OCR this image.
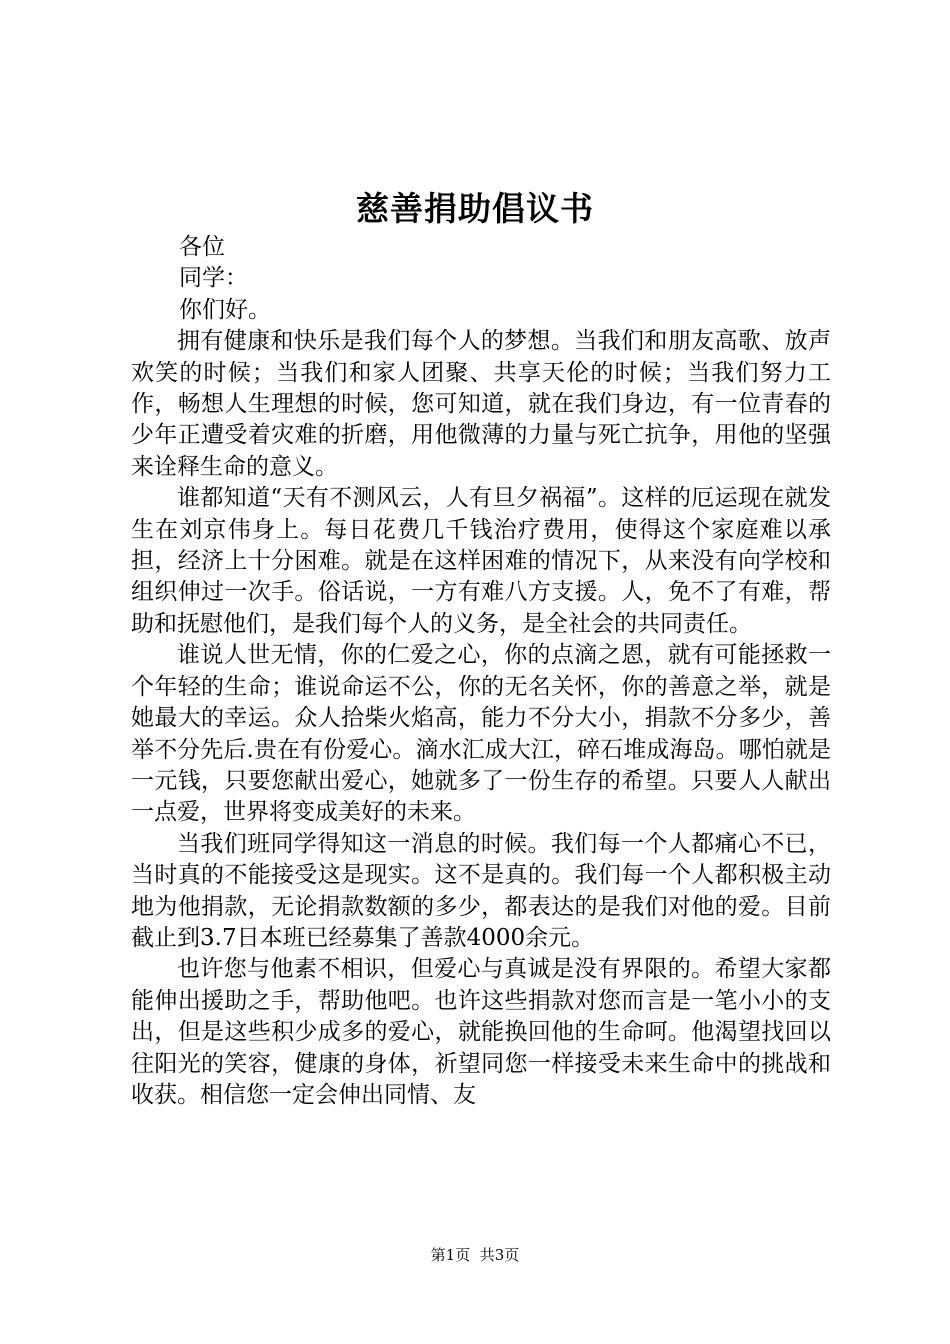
慈善捐助倡议书

各位

同学：

你们好。

拥有健康和快乐是我们每个人的梦想。当我们和朋友高歌、放声欢笑的时候；当我们和家人团聚、共享天伦的时候；当我们努力工作，畅想人生理想的时候，您可知道，就在我们身边，有一位青春的少年正遭受着灾难的折磨，用他微薄的力量与死亡抗争，用他的坚强来诠释生命的意义。

谁都知道“天有不测风云，人有旦夕祸福”。这样的厄运现在就发生在刘京伟身上。每日花费几千钱治疗费用，使得这个家庭难以承担，经济上十分困难。就是在这样困难的情况下，从来没有向学校和组织伸过一次手。俗话说，一方有难八方支援。人，免不了有难，帮助和抚慰他们，是我们每个人的义务，是全社会的共同责任。

谁说人世无情，你的仁爱之心，你的点滴之恩，就有可能拯救一个年轻的生命；谁说命运不公，你的无名关怀，你的善意之举，就是她最大的幸运。众人拾柴火焰高，能力不分大小，捐款不分多少，善举不分先后.贵在有份爱心。滴水汇成大江，碎石堆成海岛。哪怕就是一元钱，只要您献出爱心，她就多了一份生存的希望。只要人人献出一点爱，世界将变成美好的未来。

当我们班同学得知这一消息的时候。我们每一个人都痛心不已，当时真的不能接受这是现实。这不是真的。我们每一个人都积极主动地为他捐款，无论捐款数额的多少，都表达的是我们对他的爱。目前截止到3.7日本班已经募集了善款4000余元。

也许您与他素不相识，但爱心与真诚是没有界限的。希望大家都能伸出援助之手，帮助他吧。也许这些捐款对您而言是一笔小小的支出，但是这些积少成多的爱心，就能换回他的生命呵。他渴望找回以往阳光的笑容，健康的身体，祈望同您一样接受未来生命中的挑战和收获。相信您一定会伸出同情、友

第1页 共3页
